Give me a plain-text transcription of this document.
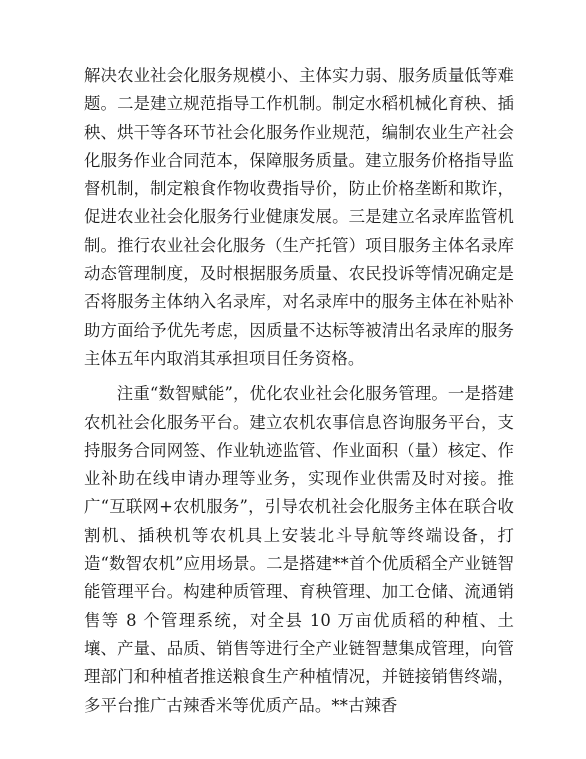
解决农业社会化服务规模小、主体实力弱、服务质量低等难题。二是建立规范指导工作机制。制定水稻机械化育秧、插秧、烘干等各环节社会化服务作业规范，编制农业生产社会化服务作业合同范本，保障服务质量。建立服务价格指导监督机制，制定粮食作物收费指导价，防止价格垄断和欺诈，促进农业社会化服务行业健康发展。三是建立名录库监管机制。推行农业社会化服务（生产托管）项目服务主体名录库动态管理制度，及时根据服务质量、农民投诉等情况确定是否将服务主体纳入名录库，对名录库中的服务主体在补贴补助方面给予优先考虑，因质量不达标等被清出名录库的服务主体五年内取消其承担项目任务资格。

注重“数智赋能”，优化农业社会化服务管理。一是搭建农机社会化服务平台。建立农机农事信息咨询服务平台，支持服务合同网签、作业轨迹监管、作业面积（量）核定、作业补助在线申请办理等业务，实现作业供需及时对接。推广“互联网+农机服务”，引导农机社会化服务主体在联合收割机、插秧机等农机具上安装北斗导航等终端设备，打造“数智农机”应用场景。二是搭建**首个优质稻全产业链智能管理平台。构建种质管理、育秧管理、加工仓储、流通销售等 8 个管理系统，对全县 10 万亩优质稻的种植、土壤、产量、品质、销售等进行全产业链智慧集成管理，向管理部门和种植者推送粮食生产种植情况，并链接销售终端，多平台推广古辣香米等优质产品。**古辣香
